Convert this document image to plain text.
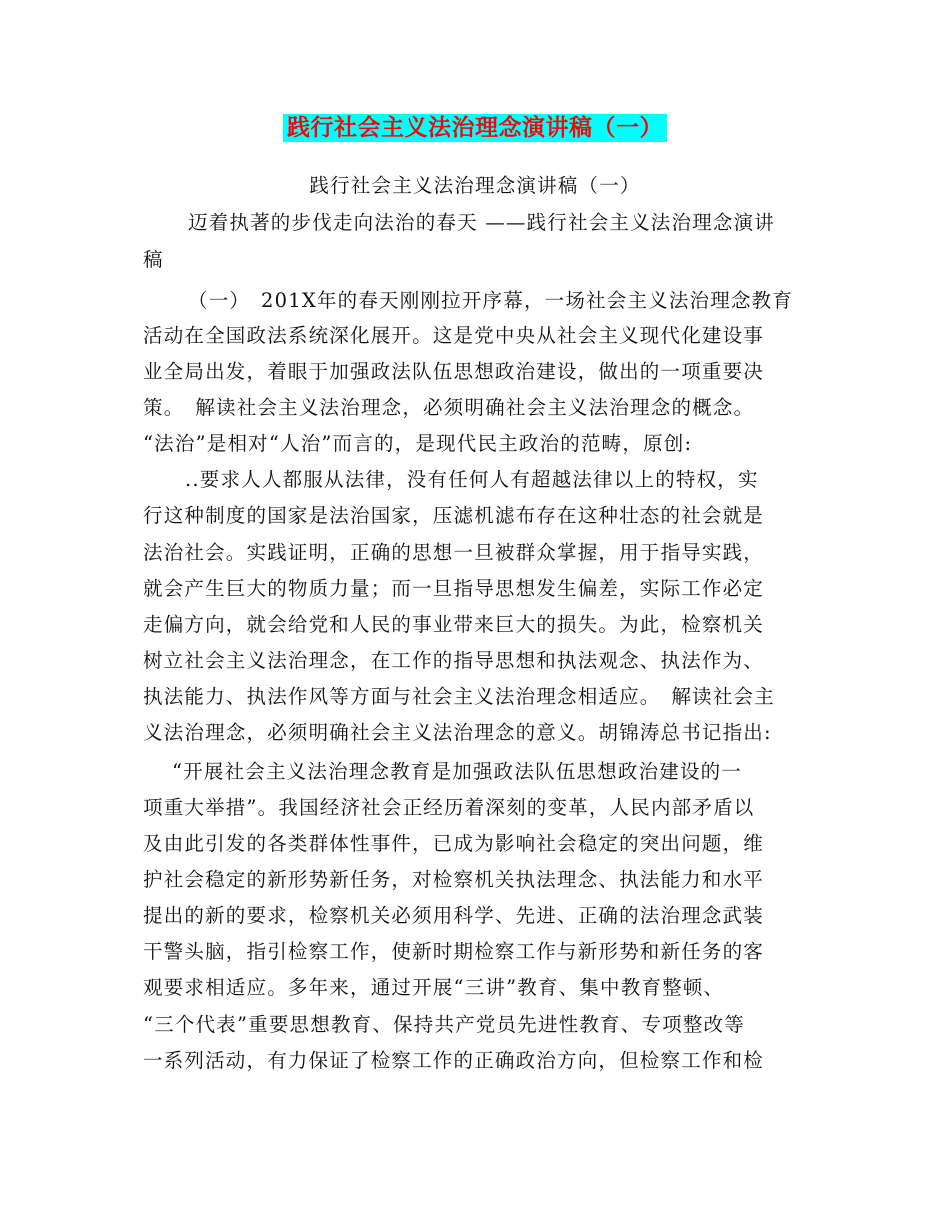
践行社会主义法治理念演讲稿（一）
践行社会主义法治理念演讲稿（一）
迈着执著的步伐走向法治的春天 ——践行社会主义法治理念演讲
稿
（一）　201X年的春天刚刚拉开序幕，一场社会主义法治理念教育
活动在全国政法系统深化展开。这是党中央从社会主义现代化建设事
业全局出发，着眼于加强政法队伍思想政治建设，做出的一项重要决
策。　解读社会主义法治理念，必须明确社会主义法治理念的概念。
“法治”是相对“人治”而言的，是现代民主政治的范畴，原创:
..要求人人都服从法律，没有任何人有超越法律以上的特权，实
行这种制度的国家是法治国家，压滤机滤布存在这种壮态的社会就是
法治社会。实践证明，正确的思想一旦被群众掌握，用于指导实践，
就会产生巨大的物质力量；而一旦指导思想发生偏差，实际工作必定
走偏方向，就会给党和人民的事业带来巨大的损失。为此，检察机关
树立社会主义法治理念，在工作的指导思想和执法观念、执法作为、
执法能力、执法作风等方面与社会主义法治理念相适应。　解读社会主
义法治理念，必须明确社会主义法治理念的意义。胡锦涛总书记指出:
“开展社会主义法治理念教育是加强政法队伍思想政治建设的一
项重大举措”。我国经济社会正经历着深刻的变革，人民内部矛盾以
及由此引发的各类群体性事件，已成为影响社会稳定的突出问题，维
护社会稳定的新形势新任务，对检察机关执法理念、执法能力和水平
提出的新的要求，检察机关必须用科学、先进、正确的法治理念武装
干警头脑，指引检察工作，使新时期检察工作与新形势和新任务的客
观要求相适应。多年来，通过开展“三讲”教育、集中教育整顿、
“三个代表”重要思想教育、保持共产党员先进性教育、专项整改等
一系列活动，有力保证了检察工作的正确政治方向，但检察工作和检
